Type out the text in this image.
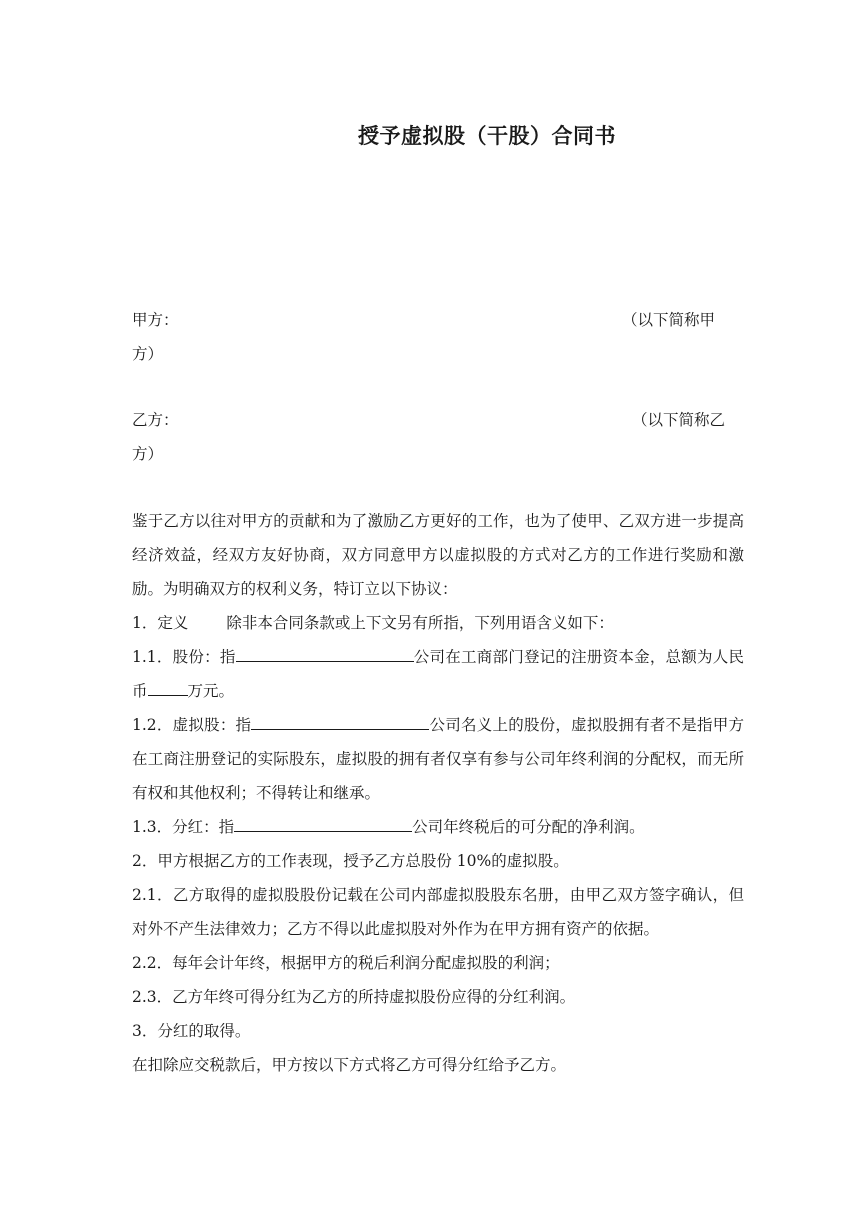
授予虚拟股（干股）合同书
甲方：	（以下简称甲
方）
乙方：	（以下简称乙
方）

鉴于乙方以往对甲方的贡献和为了激励乙方更好的工作，也为了使甲、乙双方进一步提高经济效益，经双方友好协商，双方同意甲方以虚拟股的方式对乙方的工作进行奖励和激励。为明确双方的权利义务，特订立以下协议：

1．定义 除非本合同条款或上下文另有所指，下列用语含义如下：

1.1．股份：指	公司在工商部门登记的注册资本金，总额为人民币	万元。

1.2．虚拟股：指	公司名义上的股份，虚拟股拥有者不是指甲方在工商注册登记的实际股东，虚拟股的拥有者仅享有参与公司年终利润的分配权，而无所有权和其他权利；不得转让和继承。

1.3．分红：指	公司年终税后的可分配的净利润。

2．甲方根据乙方的工作表现，授予乙方总股份 10%的虚拟股。

2.1．乙方取得的虚拟股股份记载在公司内部虚拟股股东名册，由甲乙双方签字确认，但对外不产生法律效力；乙方不得以此虚拟股对外作为在甲方拥有资产的依据。

2.2．每年会计年终，根据甲方的税后利润分配虚拟股的利润；

2.3．乙方年终可得分红为乙方的所持虚拟股份应得的分红利润。

3．分红的取得。

在扣除应交税款后，甲方按以下方式将乙方可得分红给予乙方。
